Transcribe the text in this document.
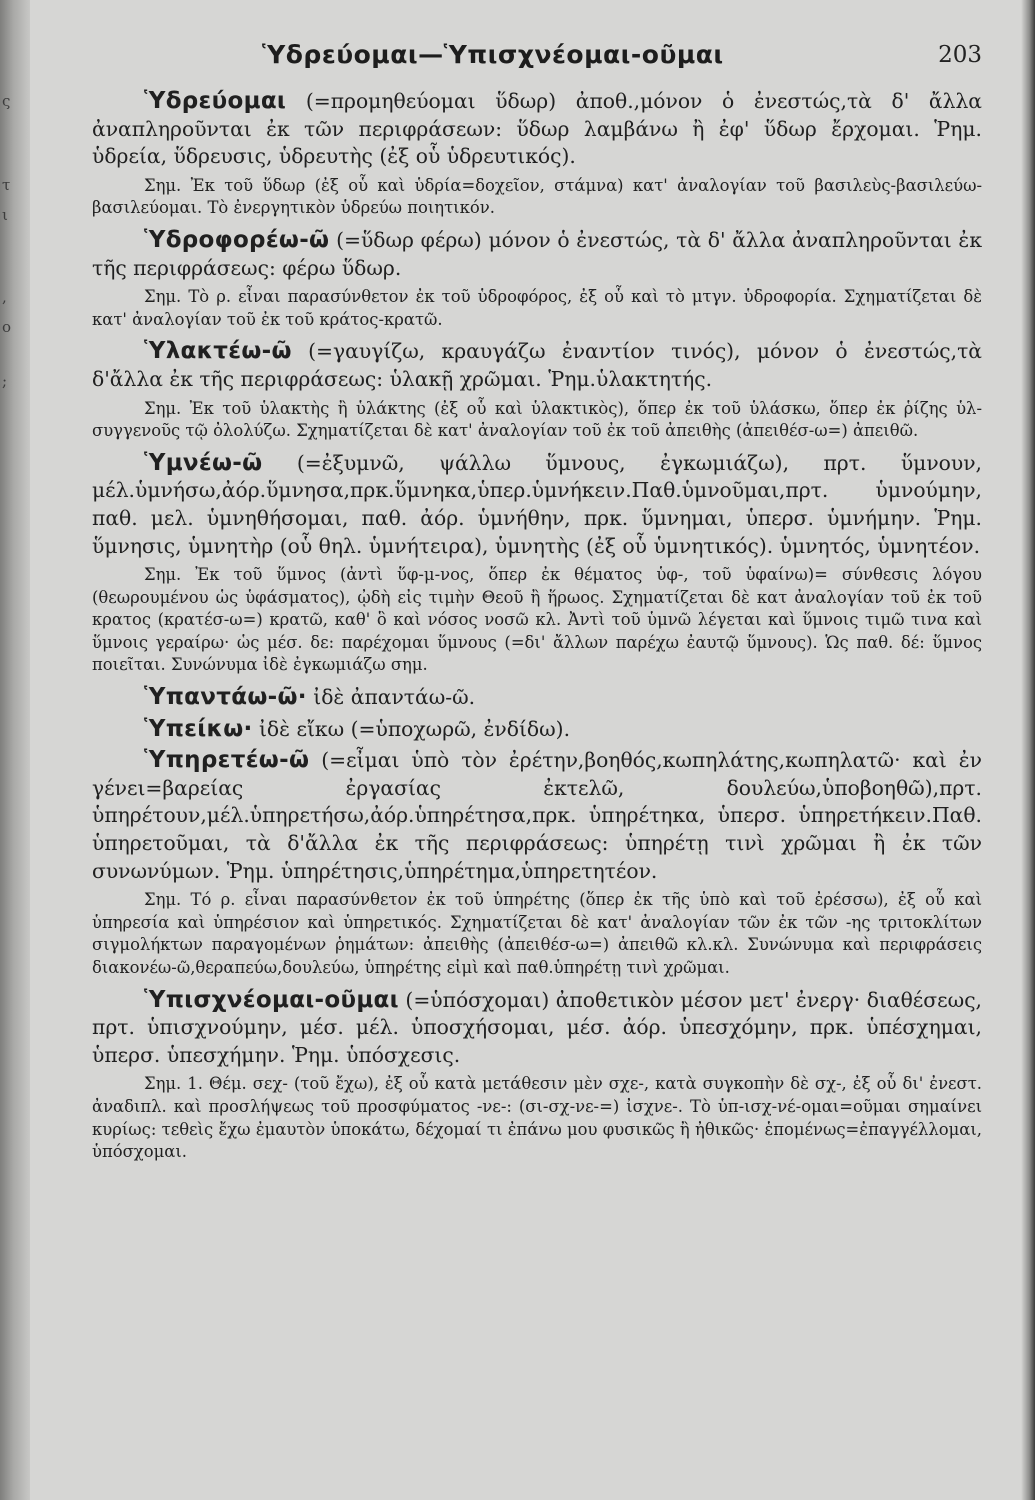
ς
τ
ι
,
ο
;
Ὑδρεύομαι—Ὑπισχνέομαι-οῦμαι	203

Ὑδρεύομαι (=προμηθεύομαι ὕδωρ) ἀποθ.,μόνον ὁ ἐνεστώς,τὰ δ' ἄλλα ἀναπληροῦνται ἐκ τῶν περιφράσεων: ὕδωρ λαμβάνω ἢ ἐφ' ὕδωρ ἔρχομαι. Ῥημ. ὑδρεία, ὕδρευσις, ὑδρευτὴς (ἐξ οὗ ὑδρευτικός).

Σημ. Ἐκ τοῦ ὕδωρ (ἐξ οὗ καὶ ὑδρία=δοχεῖον, στάμνα) κατ' ἀναλογίαν τοῦ βασιλεὺς-βασιλεύω-βασιλεύομαι. Τὸ ἐνεργητικὸν ὑδρεύω ποιητικόν.

Ὑδροφορέω-ῶ (=ὕδωρ φέρω) μόνον ὁ ἐνεστώς, τὰ δ' ἄλλα ἀναπληροῦνται ἐκ τῆς περιφράσεως: φέρω ὕδωρ.

Σημ. Τὸ ρ. εἶναι παρασύνθετον ἐκ τοῦ ὑδροφόρος, ἐξ οὗ καὶ τὸ μτγν. ὑδροφορία. Σχηματίζεται δὲ κατ' ἀναλογίαν τοῦ ἐκ τοῦ κράτος-κρατῶ.

Ὑλακτέω-ῶ (=γαυγίζω, κραυγάζω ἐναντίον τινός), μόνον ὁ ἐνεστώς,τὰ δ'ἄλλα ἐκ τῆς περιφράσεως: ὑλακῇ χρῶμαι. Ῥημ.ὑλακτητής.

Σημ. Ἐκ τοῦ ὑλακτὴς ἢ ὑλάκτης (ἐξ οὗ καὶ ὑλακτικὸς), ὅπερ ἐκ τοῦ ὑλάσκω, ὅπερ ἐκ ῥίζης ὑλ- συγγενοῦς τῷ ὀλολύζω. Σχηματίζεται δὲ κατ' ἀναλογίαν τοῦ ἐκ τοῦ ἀπειθὴς (ἀπειθέσ-ω=) ἀπειθῶ.

Ὑμνέω-ῶ (=ἐξυμνῶ, ψάλλω ὕμνους, ἐγκωμιάζω), πρτ. ὕμνουν, μέλ.ὑμνήσω,ἀόρ.ὕμνησα,πρκ.ὕμνηκα,ὑπερ.ὑμνήκειν.Παθ.ὑμνοῦμαι,πρτ. ὑμνούμην, παθ. μελ. ὑμνηθήσομαι, παθ. ἀόρ. ὑμνήθην, πρκ. ὕμνημαι, ὑπερσ. ὑμνήμην. Ῥημ. ὕμνησις, ὑμνητὴρ (οὗ θηλ. ὑμνήτειρα), ὑμνητὴς (ἐξ οὗ ὑμνητικός). ὑμνητός, ὑμνητέον.

Σημ. Ἐκ τοῦ ὕμνος (ἀντὶ ὕφ-μ-νος, ὅπερ ἐκ θέματος ὑφ-, τοῦ ὑφαίνω)= σύνθεσις λόγου (θεωρουμένου ὡς ὑφάσματος), ᾠδὴ εἰς τιμὴν Θεοῦ ἢ ἥρωος. Σχηματίζεται δὲ κατ ἀναλογίαν τοῦ ἐκ τοῦ κρατος (κρατέσ-ω=) κρατῶ, καθ' ὃ καὶ νόσος νοσῶ κλ. Ἀντὶ τοῦ ὑμνῶ λέγεται καὶ ὕμνοις τιμῶ τινα καὶ ὕμνοις γεραίρω· ὡς μέσ. δε: παρέχομαι ὕμνους (=δι' ἄλλων παρέχω ἐαυτῷ ὕμνους). Ὡς παθ. δέ: ὕμνος ποιεῖται. Συνώνυμα ἰδὲ ἐγκωμιάζω σημ.

Ὑπαντάω-ῶ· ἰδὲ ἀπαντάω-ῶ.

Ὑπείκω· ἰδὲ εἴκω (=ὑποχωρῶ, ἐνδίδω).

Ὑπηρετέω-ῶ (=εἶμαι ὑπὸ τὸν ἐρέτην,βοηθός,κωπηλάτης,κωπηλατῶ· καὶ ἐν γένει=βαρείας ἐργασίας ἐκτελῶ, δουλεύω,ὑποβοηθῶ),πρτ. ὑπηρέτουν,μέλ.ὑπηρετήσω,ἀόρ.ὑπηρέτησα,πρκ. ὑπηρέτηκα, ὑπερσ. ὑπηρετήκειν.Παθ. ὑπηρετοῦμαι, τὰ δ'ἄλλα ἐκ τῆς περιφράσεως: ὑπηρέτῃ τινὶ χρῶμαι ἢ ἐκ τῶν συνωνύμων. Ῥημ. ὑπηρέτησις,ὑπηρέτημα,ὑπηρετητέον.

Σημ. Τό ρ. εἶναι παρασύνθετον ἐκ τοῦ ὑπηρέτης (ὅπερ ἐκ τῆς ὑπὸ καὶ τοῦ ἐρέσσω), ἐξ οὗ καὶ ὑπηρεσία καὶ ὑπηρέσιον καὶ ὑπηρετικός. Σχηματίζεται δὲ κατ' ἀναλογίαν τῶν ἐκ τῶν -ης τριτοκλίτων σιγμολήκτων παραγομένων ῥημάτων: ἀπειθὴς (ἀπειθέσ-ω=) ἀπειθῶ κλ.κλ. Συνώνυμα καὶ περιφράσεις διακονέω-ῶ,θεραπεύω,δουλεύω, ὑπηρέτης εἰμὶ καὶ παθ.ὑπηρέτῃ τινὶ χρῶμαι.

Ὑπισχνέομαι-οῦμαι (=ὑπόσχομαι) ἀποθετικὸν μέσον μετ' ἐνεργ· διαθέσεως, πρτ. ὑπισχνούμην, μέσ. μέλ. ὑποσχήσομαι, μέσ. ἀόρ. ὑπεσχόμην, πρκ. ὑπέσχημαι, ὑπερσ. ὑπεσχήμην. Ῥημ. ὑπόσχεσις.

Σημ. 1. Θέμ. σεχ- (τοῦ ἔχω), ἐξ οὗ κατὰ μετάθεσιν μὲν σχε-, κατὰ συγκοπὴν δὲ σχ-, ἐξ οὗ δι' ἐνεστ. ἀναδιπλ. καὶ προσλήψεως τοῦ προσφύματος -νε-: (σι-σχ-νε-=) ἰσχνε-. Τὸ ὑπ-ισχ-νέ-ομαι=οῦμαι σημαίνει κυρίως: τεθεὶς ἔχω ἐμαυτὸν ὑποκάτω, δέχομαί τι ἐπάνω μου φυσικῶς ἢ ἠθικῶς· ἑπομένως=ἐπαγγέλλομαι, ὑπόσχομαι.
